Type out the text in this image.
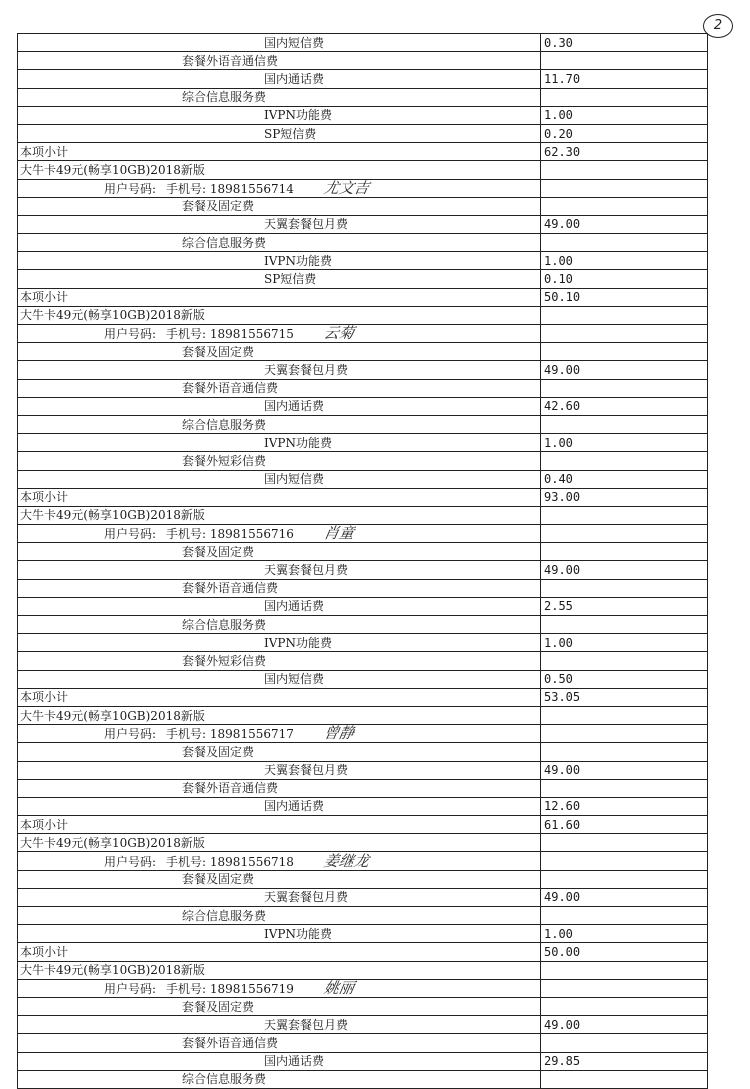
2
国内短信费	0.30
套餐外语音通信费	
国内通话费	11.70
综合信息服务费	
IVPN功能费	1.00
SP短信费	0.20
本项小计	62.30
大牛卡49元(畅享10GB)2018新版	
用户号码: 手机号: 18981556714 尤文吉	
套餐及固定费	
天翼套餐包月费	49.00
综合信息服务费	
IVPN功能费	1.00
SP短信费	0.10
本项小计	50.10
大牛卡49元(畅享10GB)2018新版	
用户号码: 手机号: 18981556715 云菊	
套餐及固定费	
天翼套餐包月费	49.00
套餐外语音通信费	
国内通话费	42.60
综合信息服务费	
IVPN功能费	1.00
套餐外短彩信费	
国内短信费	0.40
本项小计	93.00
大牛卡49元(畅享10GB)2018新版	
用户号码: 手机号: 18981556716 肖童	
套餐及固定费	
天翼套餐包月费	49.00
套餐外语音通信费	
国内通话费	2.55
综合信息服务费	
IVPN功能费	1.00
套餐外短彩信费	
国内短信费	0.50
本项小计	53.05
大牛卡49元(畅享10GB)2018新版	
用户号码: 手机号: 18981556717 曾静	
套餐及固定费	
天翼套餐包月费	49.00
套餐外语音通信费	
国内通话费	12.60
本项小计	61.60
大牛卡49元(畅享10GB)2018新版	
用户号码: 手机号: 18981556718 姜继龙	
套餐及固定费	
天翼套餐包月费	49.00
综合信息服务费	
IVPN功能费	1.00
本项小计	50.00
大牛卡49元(畅享10GB)2018新版	
用户号码: 手机号: 18981556719 姚丽	
套餐及固定费	
天翼套餐包月费	49.00
套餐外语音通信费	
国内通话费	29.85
综合信息服务费	
